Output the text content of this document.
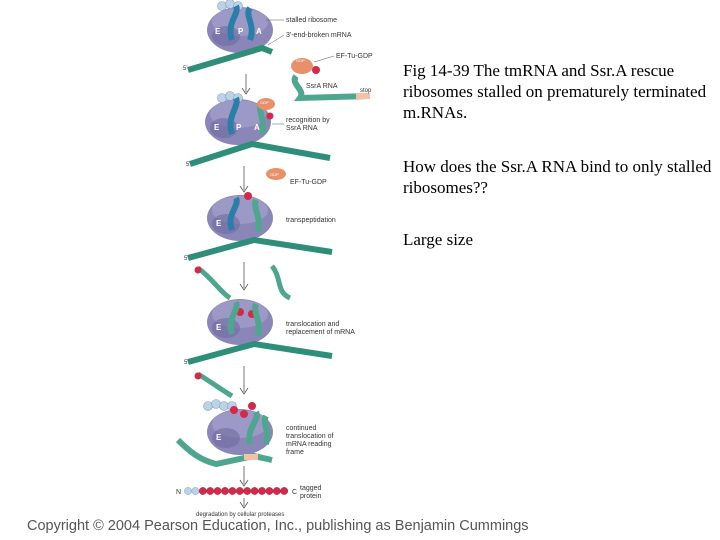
E P A
5'
stalled ribosome
3'-end-broken mRNA
GDP
EF-Tu-GDP
SsrA RNA
stop
GDP
E P A
5'
recognition by
SsrA RNA
GDP
EF-Tu-GDP
E
5'
transpeptidation
E
5'
translocation and
replacement of mRNA
E
continued
translocation of
mRNA reading
frame
N	C
tagged
protein
degradation by cellular proteases

Fig 14-39 The tmRNA and Ssr.A rescue ribosomes stalled on prematurely terminated m.RNAs.

How does the Ssr.A RNA bind to only stalled ribosomes??

Large size

Copyright © 2004 Pearson Education, Inc., publishing as Benjamin Cummings
